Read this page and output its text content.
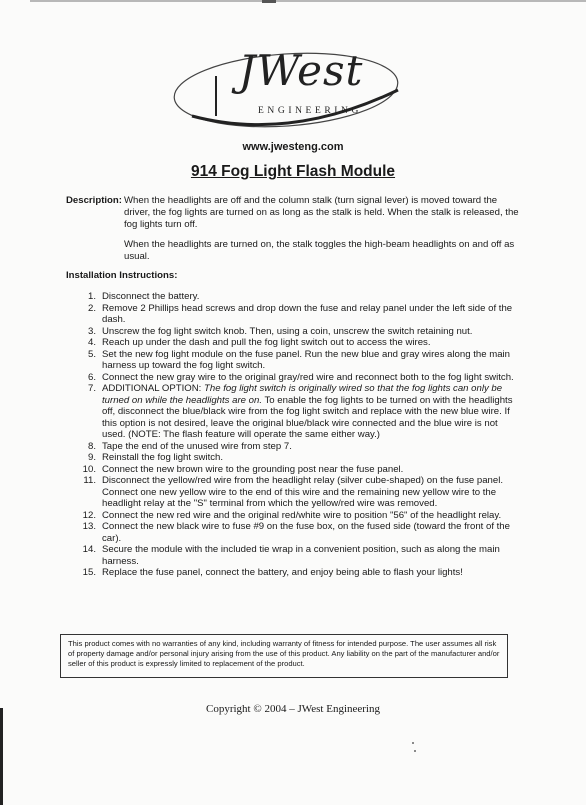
JWest
ENGINEERING
www.jwesteng.com
914 Fog Light Flash Module
Description: When the headlights are off and the column stalk (turn signal lever) is moved toward the driver, the fog lights are turned on as long as the stalk is held. When the stalk is released, the fog lights turn off.

When the headlights are turned on, the stalk toggles the high-beam headlights on and off as usual.

Installation Instructions:
1. Disconnect the battery.
2. Remove 2 Phillips head screws and drop down the fuse and relay panel under the left side of the dash.
3. Unscrew the fog light switch knob. Then, using a coin, unscrew the switch retaining nut.
4. Reach up under the dash and pull the fog light switch out to access the wires.
5. Set the new fog light module on the fuse panel. Run the new blue and gray wires along the main harness up toward the fog light switch.
6. Connect the new gray wire to the original gray/red wire and reconnect both to the fog light switch.
7. ADDITIONAL OPTION: The fog light switch is originally wired so that the fog lights can only be turned on while the headlights are on. To enable the fog lights to be turned on with the headlights off, disconnect the blue/black wire from the fog light switch and replace with the new blue wire. If this option is not desired, leave the original blue/black wire connected and the blue wire is not used. (NOTE: The flash feature will operate the same either way.)
8. Tape the end of the unused wire from step 7.
9. Reinstall the fog light switch.
10. Connect the new brown wire to the grounding post near the fuse panel.
11. Disconnect the yellow/red wire from the headlight relay (silver cube-shaped) on the fuse panel. Connect one new yellow wire to the end of this wire and the remaining new yellow wire to the headlight relay at the "S" terminal from which the yellow/red wire was removed.
12. Connect the new red wire and the original red/white wire to position "56" of the headlight relay.
13. Connect the new black wire to fuse #9 on the fuse box, on the fused side (toward the front of the car).
14. Secure the module with the included tie wrap in a convenient position, such as along the main harness.
15. Replace the fuse panel, connect the battery, and enjoy being able to flash your lights!
This product comes with no warranties of any kind, including warranty of fitness for intended purpose. The user assumes all risk of property damage and/or personal injury arising from the use of this product. Any liability on the part of the manufacturer and/or seller of this product is expressly limited to replacement of the product.
Copyright © 2004 – JWest Engineering
